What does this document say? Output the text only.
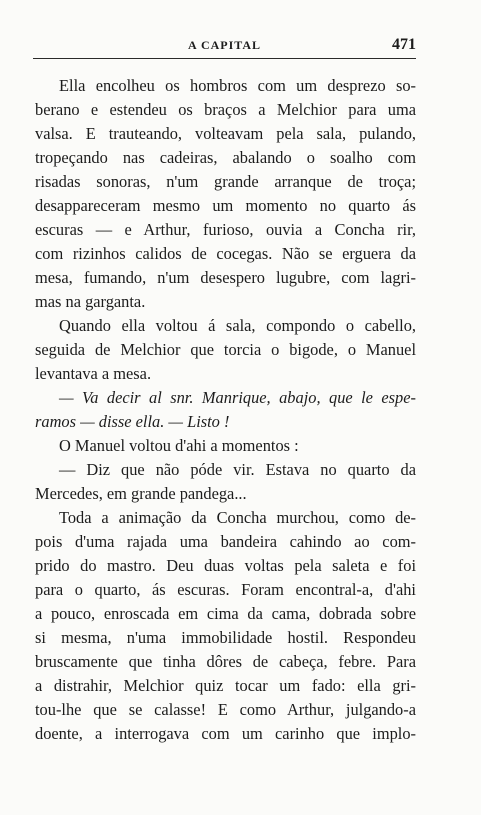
A CAPITAL	471
Ella encolheu os hombros com um desprezo so-
berano e estendeu os braços a Melchior para uma
valsa. E trauteando, volteavam pela sala, pulando,
tropeçando nas cadeiras, abalando o soalho com
risadas sonoras, n'um grande arranque de troça;
desappareceram mesmo um momento no quarto ás
escuras — e Arthur, furioso, ouvia a Concha rir,
com rizinhos calidos de cocegas. Não se erguera da
mesa, fumando, n'um desespero lugubre, com lagri-
mas na garganta.
Quando ella voltou á sala, compondo o cabello,
seguida de Melchior que torcia o bigode, o Manuel
levantava a mesa.
— Va decir al snr. Manrique, abajo, que le espe-
ramos — disse ella. — Listo !
O Manuel voltou d'ahi a momentos :
— Diz que não póde vir. Estava no quarto da
Mercedes, em grande pandega...
Toda a animação da Concha murchou, como de-
pois d'uma rajada uma bandeira cahindo ao com-
prido do mastro. Deu duas voltas pela saleta e foi
para o quarto, ás escuras. Foram encontral-a, d'ahi
a pouco, enroscada em cima da cama, dobrada sobre
si mesma, n'uma immobilidade hostil. Respondeu
bruscamente que tinha dôres de cabeça, febre. Para
a distrahir, Melchior quiz tocar um fado: ella gri-
tou-lhe que se calasse! E como Arthur, julgando-a
doente, a interrogava com um carinho que implo-
